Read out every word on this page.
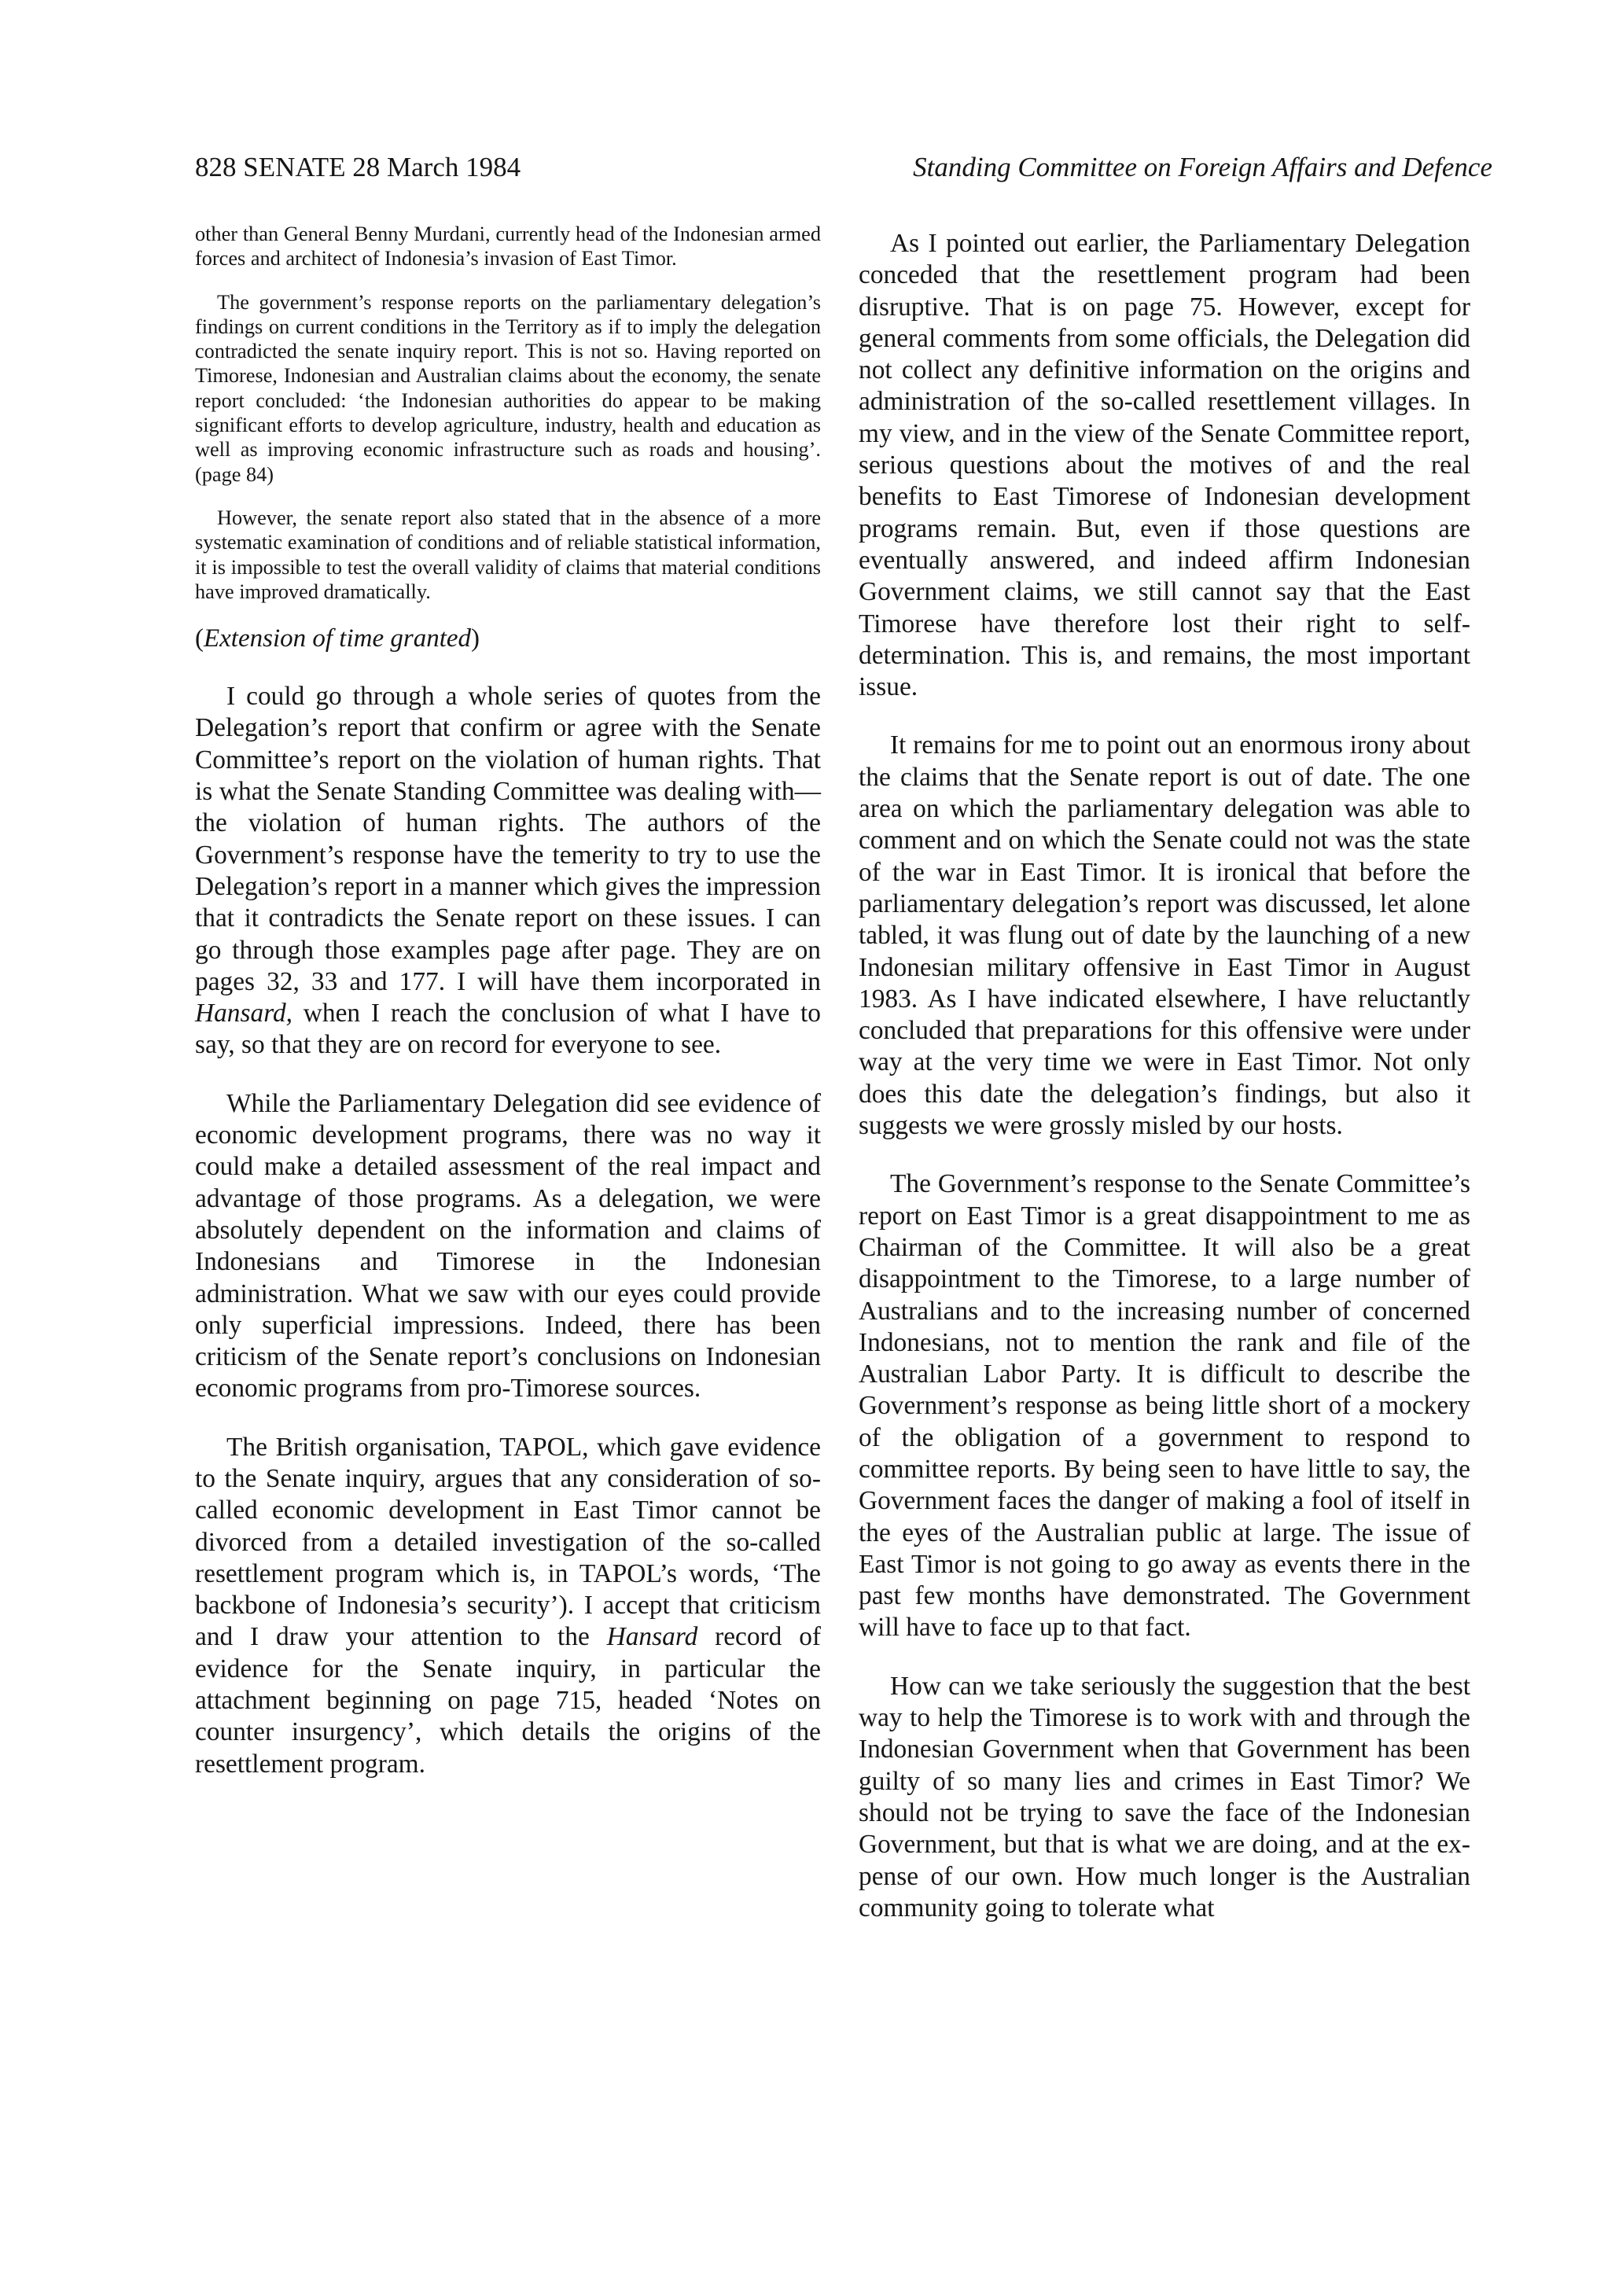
828 SENATE 28 March 1984	Standing Committee on Foreign Affairs and Defence

other than General Benny Murdani, currently head of the Indonesian armed forces and architect of Indonesia’s invasion of East Timor.

The government’s response reports on the parliamentary delegation’s findings on current conditions in the Territory as if to imply the delegation contradicted the senate inquiry report. This is not so. Having reported on Timorese, Indonesian and Australian claims about the economy, the senate report concluded: ‘the Indonesian authorities do appear to be making significant efforts to develop agriculture, industry, health and education as well as improving economic infrastructure such as roads and housing’. (page 84)

However, the senate report also stated that in the absence of a more systematic examination of conditions and of reliable statistical information, it is impossible to test the overall validity of claims that material conditions have improved dramatically.

(Extension of time granted)

I could go through a whole series of quotes from the Delegation’s report that confirm or agree with the Senate Committee’s report on the violation of human rights. That is what the Senate Standing Committee was dealing with—the violation of human rights. The authors of the Government’s response have the temerity to try to use the Delegation’s report in a manner which gives the impression that it contradicts the Senate report on these issues. I can go through those examples page after page. They are on pages 32, 33 and 177. I will have them incorporated in Hansard, when I reach the conclusion of what I have to say, so that they are on record for everyone to see.

While the Parliamentary Delegation did see evidence of economic development programs, there was no way it could make a detailed assessment of the real impact and advantage of those programs. As a delegation, we were absolutely dependent on the information and claims of Indonesians and Timorese in the Indonesian administration. What we saw with our eyes could provide only superficial impressions. Indeed, there has been criticism of the Senate report’s conclusions on Indonesian economic programs from pro-Timorese sources.

The British organisation, TAPOL, which gave evidence to the Senate inquiry, argues that any consideration of so-called economic development in East Timor cannot be divorced from a detailed investigation of the so-called resettlement program which is, in TAPOL’s words, ‘The backbone of Indonesia’s security’). I accept that criticism and I draw your attention to the Hansard record of evidence for the Senate inquiry, in particular the attachment beginning on page 715, headed ‘Notes on counter insurgency’, which details the origins of the resettlement program.

As I pointed out earlier, the Parliamentary Delegation conceded that the resettlement program had been disruptive. That is on page 75. However, except for general comments from some officials, the Delegation did not collect any definitive information on the origins and administration of the so-called resettlement villages. In my view, and in the view of the Senate Committee report, serious questions about the motives of and the real benefits to East Timorese of Indonesian development programs remain. But, even if those questions are eventually answered, and indeed affirm Indonesian Government claims, we still cannot say that the East Timorese have therefore lost their right to self-determination. This is, and remains, the most important issue.

It remains for me to point out an enormous irony about the claims that the Senate report is out of date. The one area on which the parliamentary delegation was able to comment and on which the Senate could not was the state of the war in East Timor. It is ironical that before the parliamentary delegation’s report was discussed, let alone tabled, it was flung out of date by the launching of a new Indonesian military offensive in East Timor in August 1983. As I have indicated elsewhere, I have reluctantly concluded that preparations for this offensive were under way at the very time we were in East Timor. Not only does this date the delegation’s findings, but also it suggests we were grossly misled by our hosts.

The Government’s response to the Senate Committee’s report on East Timor is a great disappointment to me as Chairman of the Committee. It will also be a great disappointment to the Timorese, to a large number of Australians and to the increasing number of concerned Indonesians, not to mention the rank and file of the Australian Labor Party. It is difficult to describe the Government’s response as being little short of a mockery of the obligation of a government to respond to committee reports. By being seen to have little to say, the Government faces the danger of making a fool of itself in the eyes of the Australian public at large. The issue of East Timor is not going to go away as events there in the past few months have demonstrated. The Government will have to face up to that fact.

How can we take seriously the suggestion that the best way to help the Timorese is to work with and through the Indonesian Government when that Government has been guilty of so many lies and crimes in East Timor? We should not be trying to save the face of the Indonesian Government, but that is what we are doing, and at the expense of our own. How much longer is the Australian community going to tolerate what
